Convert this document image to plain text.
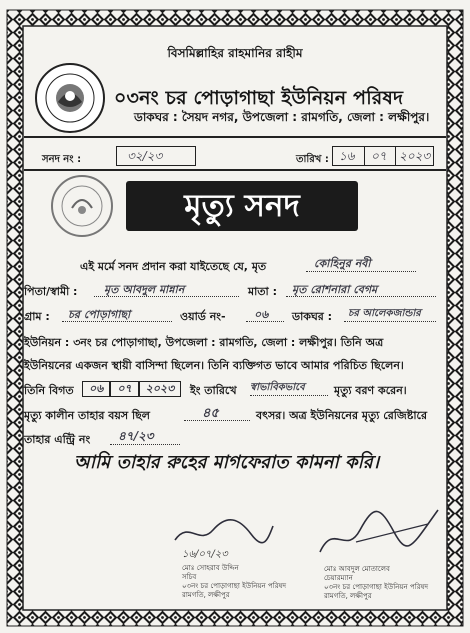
বিসমিল্লাহির রাহমানির রাহীম
০৩নং চর পোড়াগাছা ইউনিয়ন পরিষদ
ডাকঘর : সৈয়দ নগর, উপজেলা : রামগতি, জেলা : লক্ষীপুর।
সনদ নং :	৩২/২৩	তারিখ : ১৬ ০৭ ২০২৩
মৃত্যু সনদ
এই মর্মে সনদ প্রদান করা যাইতেছে যে, মৃত	কোহিনুর নবী
পিতা/স্বামী : মৃত আবদুল মান্নান	মাতা : মৃত রোশনারা বেগম
গ্রাম : চর পোড়াগাছা	ওয়ার্ড নং-	০৬ ডাকঘর : চর আলেকজান্ডার
ইউনিয়ন : ৩নং চর পোড়াগাছা, উপজেলা : রামগতি, জেলা : লক্ষীপুর। তিনি অত্র
ইউনিয়নের একজন স্থায়ী বাসিন্দা ছিলেন। তিনি ব্যক্তিগত ভাবে আমার পরিচিত ছিলেন।
তিনি বিগত	০৬ ০৭ ২০২৩	ইং তারিখে স্বাভাবিকভাবে	মৃত্যু বরণ করেন।
মৃত্যু কালীন তাহার বয়স ছিল	৪৫	বৎসর। অত্র ইউনিয়নের মৃত্যু রেজিষ্টারে
তাহার এন্ট্রি নং ৪৭/২৩
আমি তাহার রুহের মাগফেরাত কামনা করি।
১৬/০৭/২৩
মোঃ সোহরাব উদ্দিন
সচিব
০৩নং চর পোড়াগাছা ইউনিয়ন পরিষদ
রামগতি, লক্ষীপুর
মোঃ আবদুল মোতালেব
চেয়ারম্যান
০৩নং চর পোড়াগাছা ইউনিয়ন পরিষদ
রামগতি, লক্ষীপুর
